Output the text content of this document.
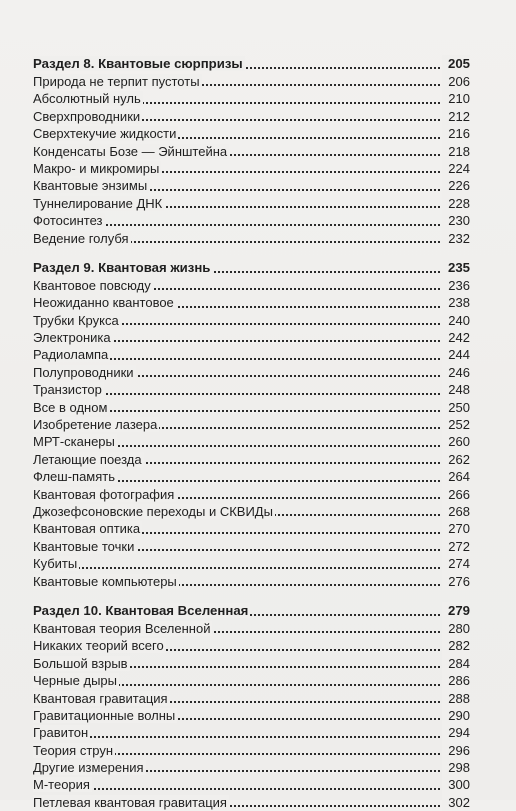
Раздел 8. Квантовые сюрпризы	205
Природа не терпит пустоты	206
Абсолютный нуль	210
Сверхпроводники	212
Сверхтекучие жидкости	216
Конденсаты Бозе — Эйнштейна	218
Макро- и микромиры	224
Квантовые энзимы	226
Туннелирование ДНК	228
Фотосинтез	230
Ведение голубя	232
Раздел 9. Квантовая жизнь	235
Квантовое повсюду	236
Неожиданно квантовое	238
Трубки Крукса	240
Электроника	242
Радиолампа	244
Полупроводники	246
Транзистор	248
Все в одном	250
Изобретение лазера	252
МРТ-сканеры	260
Летающие поезда	262
Флеш-память	264
Квантовая фотография	266
Джозефсоновские переходы и СКВИДы	268
Квантовая оптика	270
Квантовые точки	272
Кубиты	274
Квантовые компьютеры	276
Раздел 10. Квантовая Вселенная	279
Квантовая теория Вселенной	280
Никаких теорий всего	282
Большой взрыв	284
Черные дыры	286
Квантовая гравитация	288
Гравитационные волны	290
Гравитон	294
Теория струн	296
Другие измерения	298
М-теория	300
Петлевая квантовая гравитация	302
